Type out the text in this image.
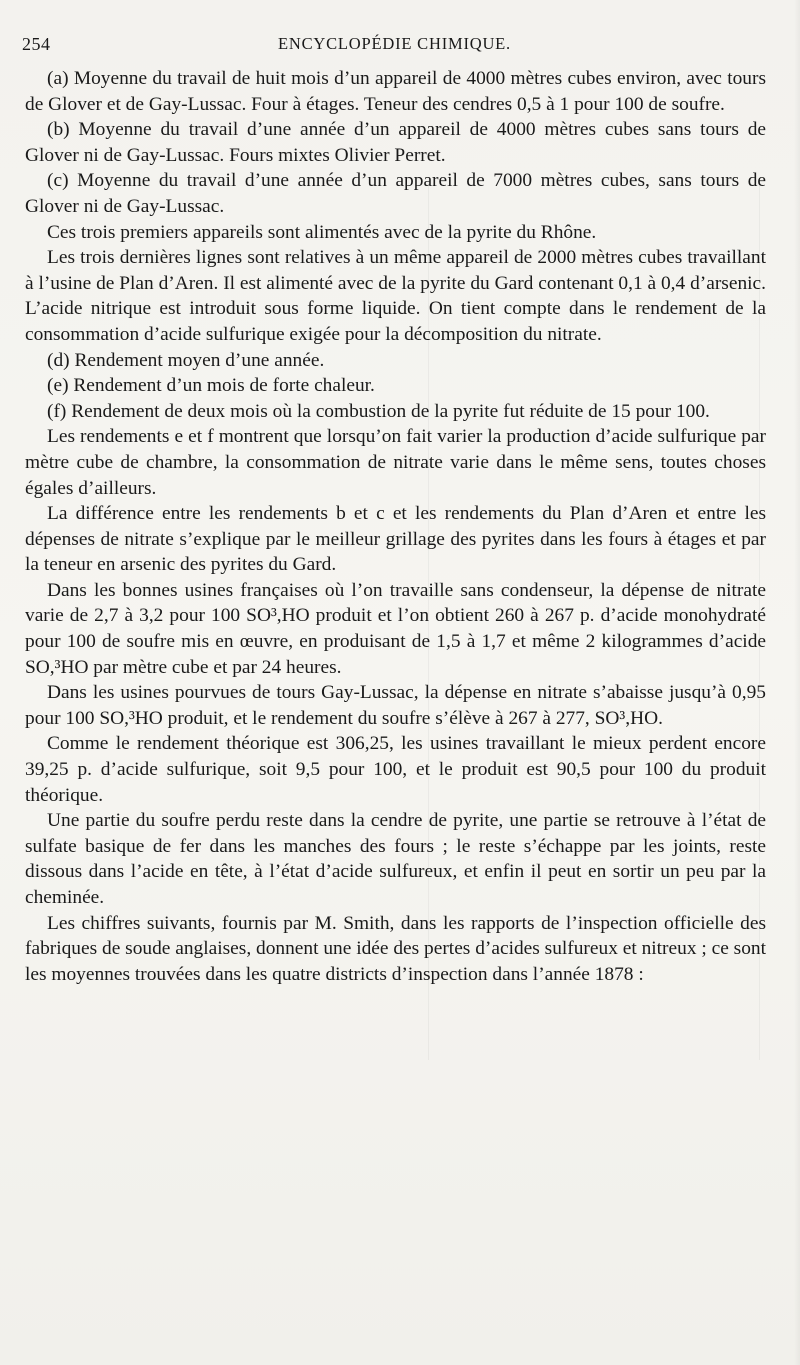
254	ENCYCLOPÉDIE CHIMIQUE.

(a) Moyenne du travail de huit mois d’un appareil de 4000 mètres cubes environ, avec tours de Glover et de Gay-Lussac. Four à étages. Teneur des cendres 0,5 à 1 pour 100 de soufre.

(b) Moyenne du travail d’une année d’un appareil de 4000 mètres cubes sans tours de Glover ni de Gay-Lussac. Fours mixtes Olivier Perret.

(c) Moyenne du travail d’une année d’un appareil de 7000 mètres cubes, sans tours de Glover ni de Gay-Lussac.

Ces trois premiers appareils sont alimentés avec de la pyrite du Rhône.

Les trois dernières lignes sont relatives à un même appareil de 2000 mètres cubes travaillant à l’usine de Plan d’Aren. Il est alimenté avec de la pyrite du Gard contenant 0,1 à 0,4 d’arsenic. L’acide nitrique est introduit sous forme liquide. On tient compte dans le rendement de la consommation d’acide sulfurique exigée pour la décomposition du nitrate.

(d) Rendement moyen d’une année.

(e) Rendement d’un mois de forte chaleur.

(f) Rendement de deux mois où la combustion de la pyrite fut réduite de 15 pour 100.

Les rendements e et f montrent que lorsqu’on fait varier la production d’acide sulfurique par mètre cube de chambre, la consommation de nitrate varie dans le même sens, toutes choses égales d’ailleurs.

La différence entre les rendements b et c et les rendements du Plan d’Aren et entre les dépenses de nitrate s’explique par le meilleur grillage des pyrites dans les fours à étages et par la teneur en arsenic des pyrites du Gard.

Dans les bonnes usines françaises où l’on travaille sans condenseur, la dépense de nitrate varie de 2,7 à 3,2 pour 100 SO³,HO produit et l’on obtient 260 à 267 p. d’acide monohydraté pour 100 de soufre mis en œuvre, en produisant de 1,5 à 1,7 et même 2 kilogrammes d’acide SO,³HO par mètre cube et par 24 heures.

Dans les usines pourvues de tours Gay-Lussac, la dépense en nitrate s’abaisse jusqu’à 0,95 pour 100 SO,³HO produit, et le rendement du soufre s’élève à 267 à 277, SO³,HO.

Comme le rendement théorique est 306,25, les usines travaillant le mieux perdent encore 39,25 p. d’acide sulfurique, soit 9,5 pour 100, et le produit est 90,5 pour 100 du produit théorique.

Une partie du soufre perdu reste dans la cendre de pyrite, une partie se retrouve à l’état de sulfate basique de fer dans les manches des fours ; le reste s’échappe par les joints, reste dissous dans l’acide en tête, à l’état d’acide sulfureux, et enfin il peut en sortir un peu par la cheminée.

Les chiffres suivants, fournis par M. Smith, dans les rapports de l’inspection officielle des fabriques de soude anglaises, donnent une idée des pertes d’acides sulfureux et nitreux ; ce sont les moyennes trouvées dans les quatre districts d’inspection dans l’année 1878 :
